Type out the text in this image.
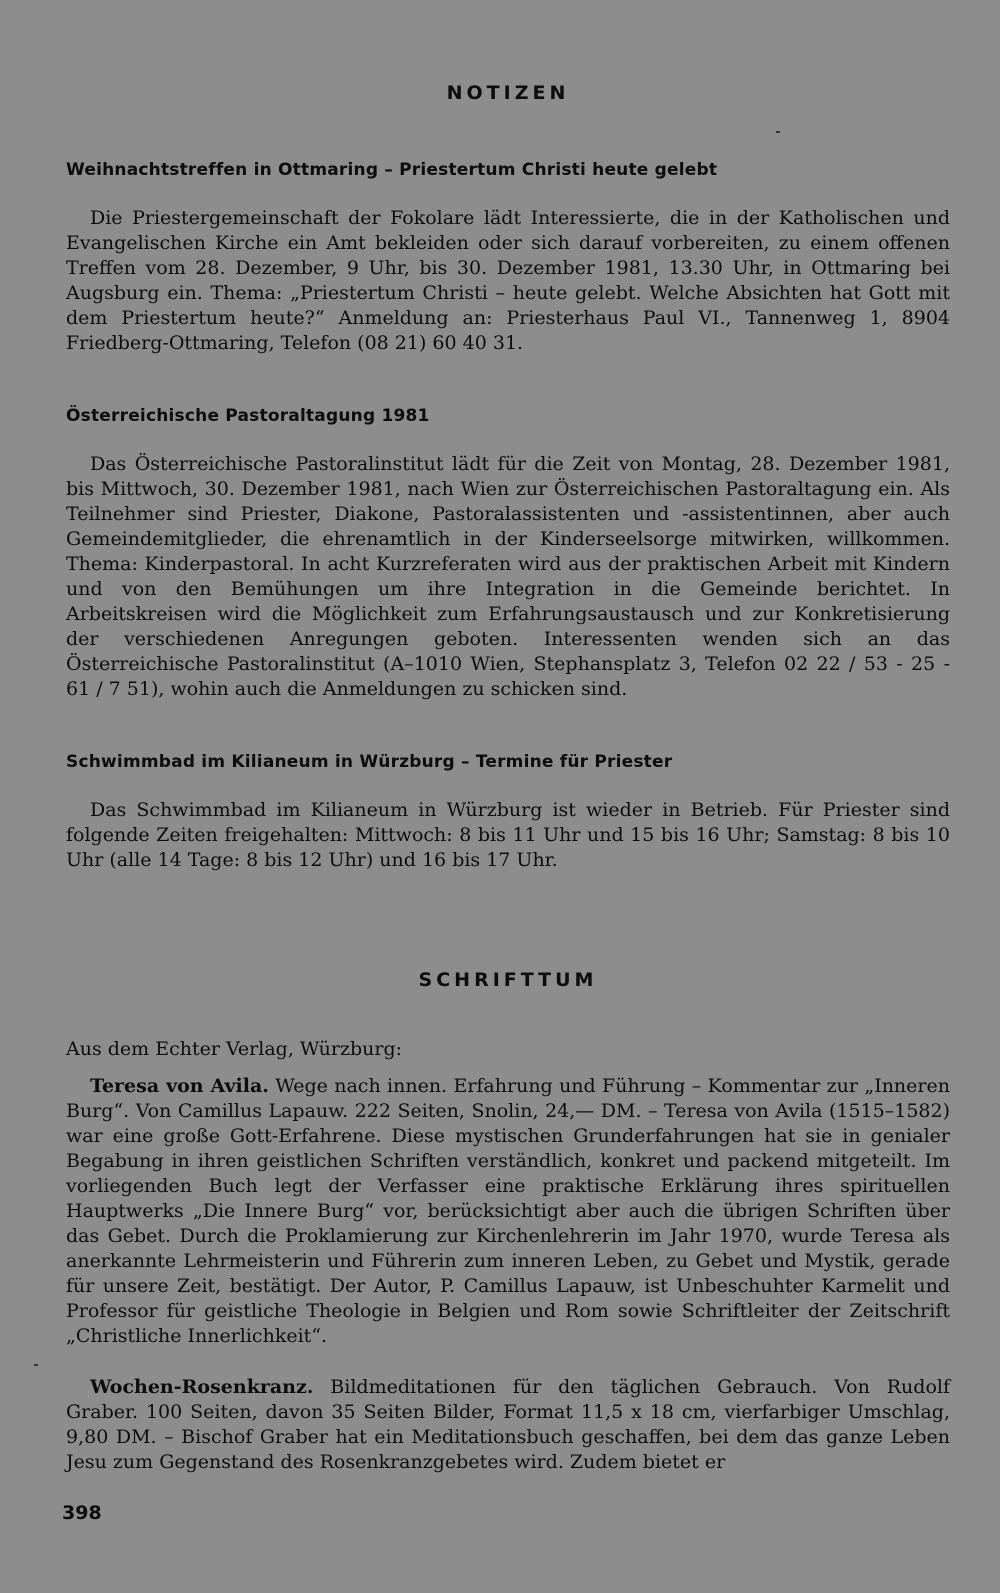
NOTIZEN
Weihnachtstreffen in Ottmaring – Priestertum Christi heute gelebt

Die Priestergemeinschaft der Fokolare lädt Interessierte, die in der Katholischen und Evangelischen Kirche ein Amt bekleiden oder sich darauf vorbereiten, zu einem offenen Treffen vom 28. Dezember, 9 Uhr, bis 30. Dezember 1981, 13.30 Uhr, in Ottmaring bei Augsburg ein. Thema: „Priestertum Christi – heute gelebt. Welche Absichten hat Gott mit dem Priestertum heute?“ Anmeldung an: Priesterhaus Paul VI., Tannenweg 1, 8904 Friedberg-Ottmaring, Telefon (08 21) 60 40 31.

Österreichische Pastoraltagung 1981

Das Österreichische Pastoralinstitut lädt für die Zeit von Montag, 28. Dezember 1981, bis Mittwoch, 30. Dezember 1981, nach Wien zur Österreichischen Pastoraltagung ein. Als Teilnehmer sind Priester, Diakone, Pastoralassistenten und -assistentinnen, aber auch Gemeindemitglieder, die ehrenamtlich in der Kinderseelsorge mitwirken, willkommen. Thema: Kinderpastoral. In acht Kurzreferaten wird aus der praktischen Arbeit mit Kindern und von den Bemühungen um ihre Integration in die Gemeinde berichtet. In Arbeitskreisen wird die Möglichkeit zum Erfahrungsaustausch und zur Konkretisierung der verschiedenen Anregungen geboten. Interessenten wenden sich an das Österreichische Pastoralinstitut (A–1010 Wien, Stephansplatz 3, Telefon 02 22 / 53 - 25 - 61 / 7 51), wohin auch die Anmeldungen zu schicken sind.

Schwimmbad im Kilianeum in Würzburg – Termine für Priester

Das Schwimmbad im Kilianeum in Würzburg ist wieder in Betrieb. Für Priester sind folgende Zeiten freigehalten: Mittwoch: 8 bis 11 Uhr und 15 bis 16 Uhr; Samstag: 8 bis 10 Uhr (alle 14 Tage: 8 bis 12 Uhr) und 16 bis 17 Uhr.

SCHRIFTTUM

Aus dem Echter Verlag, Würzburg:

Teresa von Avila. Wege nach innen. Erfahrung und Führung – Kommentar zur „Inneren Burg“. Von Camillus Lapauw. 222 Seiten, Snolin, 24,— DM. – Teresa von Avila (1515–1582) war eine große Gott-Erfahrene. Diese mystischen Grunderfahrungen hat sie in genialer Begabung in ihren geistlichen Schriften verständlich, konkret und packend mitgeteilt. Im vorliegenden Buch legt der Verfasser eine praktische Erklärung ihres spirituellen Hauptwerks „Die Innere Burg“ vor, berücksichtigt aber auch die übrigen Schriften über das Gebet. Durch die Proklamierung zur Kirchenlehrerin im Jahr 1970, wurde Teresa als anerkannte Lehrmeisterin und Führerin zum inneren Leben, zu Gebet und Mystik, gerade für unsere Zeit, bestätigt. Der Autor, P. Camillus Lapauw, ist Unbeschuhter Karmelit und Professor für geistliche Theologie in Belgien und Rom sowie Schriftleiter der Zeitschrift „Christliche Innerlichkeit“.

Wochen-Rosenkranz. Bildmeditationen für den täglichen Gebrauch. Von Rudolf Graber. 100 Seiten, davon 35 Seiten Bilder, Format 11,5 x 18 cm, vierfarbiger Umschlag, 9,80 DM. – Bischof Graber hat ein Meditationsbuch geschaffen, bei dem das ganze Leben Jesu zum Gegenstand des Rosenkranzgebetes wird. Zudem bietet er

398
